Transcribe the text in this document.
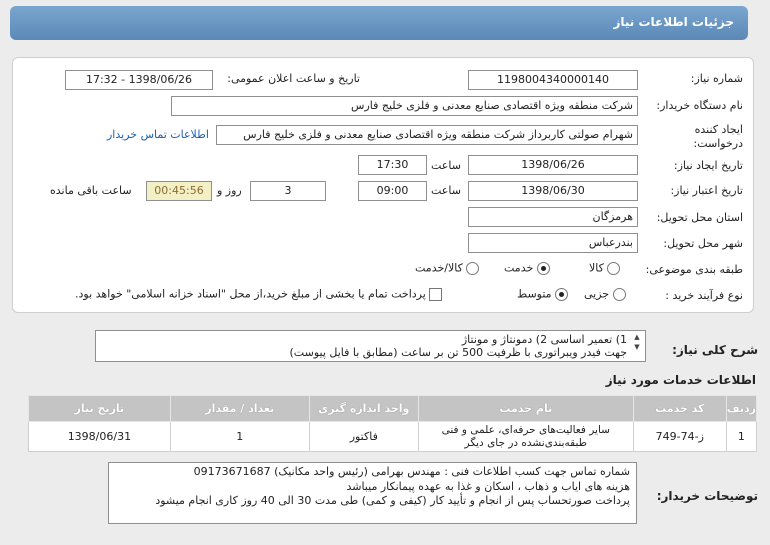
جزئیات اطلاعات نیاز
شماره نیاز:
1198004340000140
تاریخ و ساعت اعلان عمومی:
1398/06/26 - 17:32
نام دستگاه خریدار:
شرکت منطقه ویژه اقتصادی صنایع معدنی و فلزی خلیج فارس
ایجاد کننده
درخواست:
شهرام صولتی کاربرداز شرکت منطقه ویژه اقتصادی صنایع معدنی و فلزی خلیج فارس
اطلاعات تماس خریدار
تاریخ ایجاد نیاز:
1398/06/26
ساعت
17:30
تاریخ اعتبار نیاز:
1398/06/30
ساعت
09:00
3
روز و
00:45:56
ساعت باقی مانده
استان محل تحویل:
هرمزگان
شهر محل تحویل:
بندرعباس
طبقه بندی موضوعی:
کالا
خدمت
کالا/خدمت
نوع فرآیند خرید :
جزیی
متوسط
پرداخت تمام یا بخشی از مبلغ خرید،از محل "اسناد خزانه اسلامی" خواهد بود.
شرح کلی نیاز:
1) تعمیر اساسی 2) دمونتاژ و مونتاژ
جهت فیدر ویبراتوری با ظرفیت 500 تن بر ساعت (مطابق با فایل پیوست)
▲
▼
اطلاعات خدمات مورد نیاز
ردیف	کد خدمت	نام خدمت	واحد اندازه گیری	تعداد / مقدار	تاریخ نیاز
1	ز-74-749	سایر فعالیت‌های حرفه‌ای، علمی و فنی طبقه‌بندی‌نشده در جای دیگر	فاکتور	1	1398/06/31
توضیحات خریدار:
شماره تماس جهت کسب اطلاعات فنی : مهندس بهرامی (رئیس واحد مکانیک) 09173671687
هزینه های ایاب و ذهاب ، اسکان و غذا به عهده پیمانکار میباشد
پرداخت صورتحساب پس از انجام و تأیید کار (کیفی و کمی) طی مدت 30 الی 40 روز کاری انجام میشود
